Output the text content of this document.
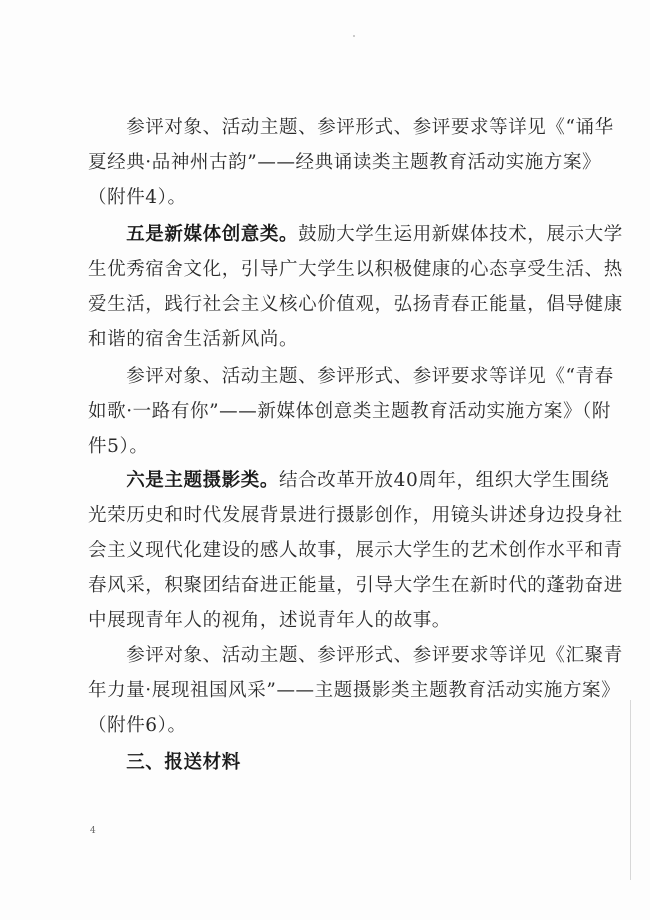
　　参评对象、活动主题、参评形式、参评要求等详见《“诵华

夏经典·品神州古韵”——经典诵读类主题教育活动实施方案》

（附件4）。

　　五是新媒体创意类。鼓励大学生运用新媒体技术，展示大学

生优秀宿舍文化，引导广大学生以积极健康的心态享受生活、热

爱生活，践行社会主义核心价值观，弘扬青春正能量，倡导健康

和谐的宿舍生活新风尚。

　　参评对象、活动主题、参评形式、参评要求等详见《“青春

如歌·一路有你”——新媒体创意类主题教育活动实施方案》（附

件5）。

　　六是主题摄影类。结合改革开放40周年，组织大学生围绕

光荣历史和时代发展背景进行摄影创作，用镜头讲述身边投身社

会主义现代化建设的感人故事，展示大学生的艺术创作水平和青

春风采，积聚团结奋进正能量，引导大学生在新时代的蓬勃奋进

中展现青年人的视角，述说青年人的故事。

　　参评对象、活动主题、参评形式、参评要求等详见《汇聚青

年力量·展现祖国风采”——主题摄影类主题教育活动实施方案》

（附件6）。

　　三、报送材料

4
